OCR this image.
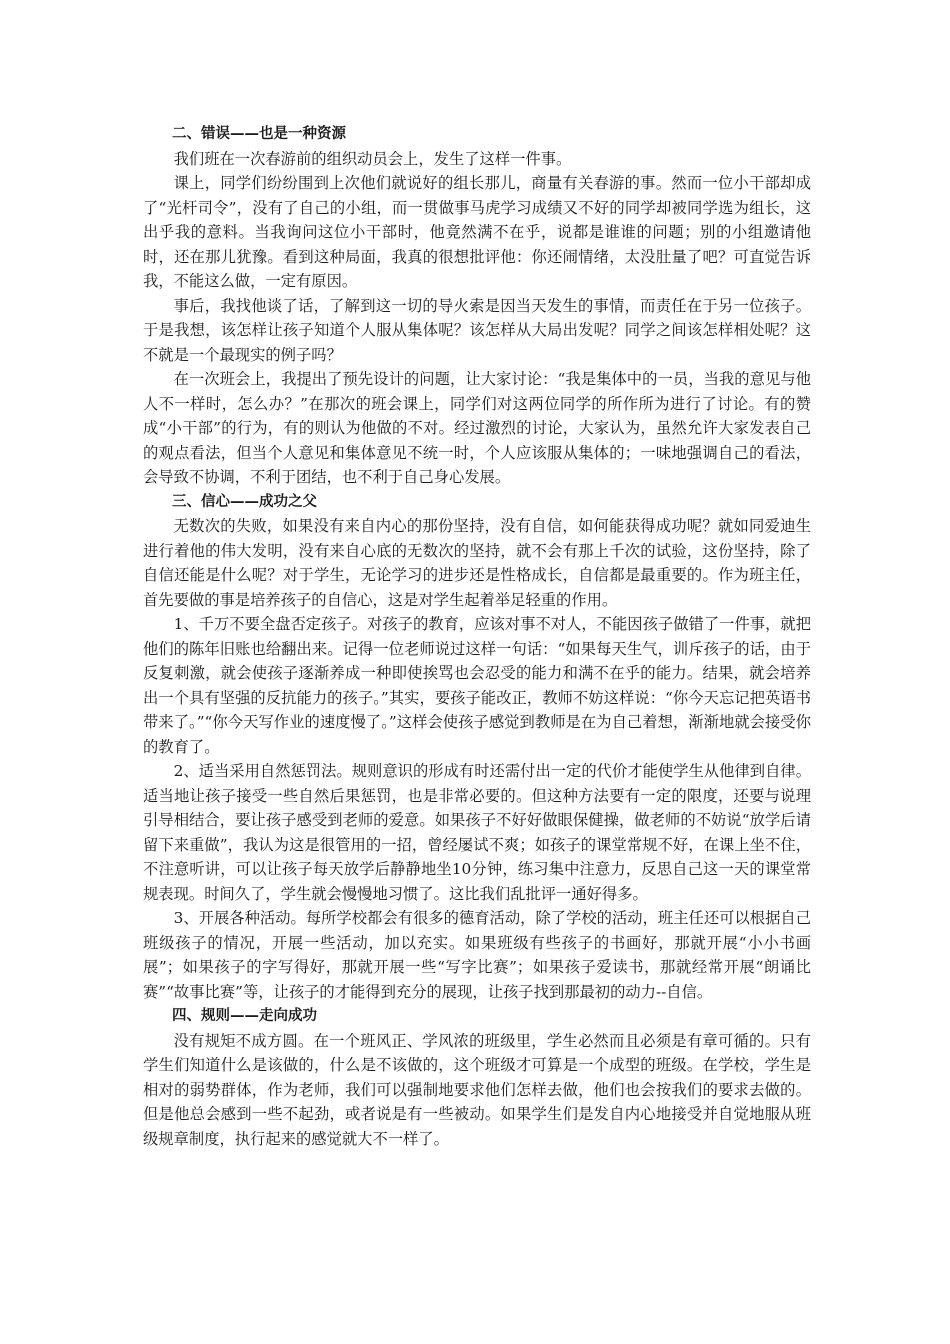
二、错误——也是一种资源

我们班在一次春游前的组织动员会上，发生了这样一件事。

课上，同学们纷纷围到上次他们就说好的组长那儿，商量有关春游的事。然而一位小干部却成了“光杆司令”，没有了自己的小组，而一贯做事马虎学习成绩又不好的同学却被同学选为组长，这出乎我的意料。当我询问这位小干部时，他竟然满不在乎，说都是谁谁的问题；别的小组邀请他时，还在那儿犹豫。看到这种局面，我真的很想批评他：你还闹情绪，太没肚量了吧？可直觉告诉我，不能这么做，一定有原因。

事后，我找他谈了话，了解到这一切的导火索是因当天发生的事情，而责任在于另一位孩子。于是我想，该怎样让孩子知道个人服从集体呢？该怎样从大局出发呢？同学之间该怎样相处呢？这不就是一个最现实的例子吗？

在一次班会上，我提出了预先设计的问题，让大家讨论：“我是集体中的一员，当我的意见与他人不一样时，怎么办？”在那次的班会课上，同学们对这两位同学的所作所为进行了讨论。有的赞成“小干部”的行为，有的则认为他做的不对。经过激烈的讨论，大家认为，虽然允许大家发表自己的观点看法，但当个人意见和集体意见不统一时，个人应该服从集体的；一味地强调自己的看法，会导致不协调，不利于团结，也不利于自己身心发展。

三、信心——成功之父

无数次的失败，如果没有来自内心的那份坚持，没有自信，如何能获得成功呢？就如同爱迪生进行着他的伟大发明，没有来自心底的无数次的坚持，就不会有那上千次的试验，这份坚持，除了自信还能是什么呢？对于学生，无论学习的进步还是性格成长，自信都是最重要的。作为班主任，首先要做的事是培养孩子的自信心，这是对学生起着举足轻重的作用。

1、千万不要全盘否定孩子。对孩子的教育，应该对事不对人，不能因孩子做错了一件事，就把他们的陈年旧账也给翻出来。记得一位老师说过这样一句话：“如果每天生气，训斥孩子的话，由于反复刺激，就会使孩子逐渐养成一种即使挨骂也会忍受的能力和满不在乎的能力。结果，就会培养出一个具有坚强的反抗能力的孩子。”其实，要孩子能改正，教师不妨这样说：“你今天忘记把英语书带来了。”“你今天写作业的速度慢了。”这样会使孩子感觉到教师是在为自己着想，渐渐地就会接受你的教育了。

2、适当采用自然惩罚法。规则意识的形成有时还需付出一定的代价才能使学生从他律到自律。适当地让孩子接受一些自然后果惩罚，也是非常必要的。但这种方法要有一定的限度，还要与说理引导相结合，要让孩子感受到老师的爱意。如果孩子不好好做眼保健操，做老师的不妨说“放学后请留下来重做”，我认为这是很管用的一招，曾经屡试不爽；如孩子的课堂常规不好，在课上坐不住，不注意听讲，可以让孩子每天放学后静静地坐10分钟，练习集中注意力，反思自己这一天的课堂常规表现。时间久了，学生就会慢慢地习惯了。这比我们乱批评一通好得多。

3、开展各种活动。每所学校都会有很多的德育活动，除了学校的活动，班主任还可以根据自己班级孩子的情况，开展一些活动，加以充实。如果班级有些孩子的书画好，那就开展“小小书画展”；如果孩子的字写得好，那就开展一些“写字比赛”；如果孩子爱读书，那就经常开展“朗诵比赛”“故事比赛”等，让孩子的才能得到充分的展现，让孩子找到那最初的动力--自信。

四、规则——走向成功

没有规矩不成方圆。在一个班风正、学风浓的班级里，学生必然而且必须是有章可循的。只有学生们知道什么是该做的，什么是不该做的，这个班级才可算是一个成型的班级。在学校，学生是相对的弱势群体，作为老师，我们可以强制地要求他们怎样去做，他们也会按我们的要求去做的。但是他总会感到一些不起劲，或者说是有一些被动。如果学生们是发自内心地接受并自觉地服从班级规章制度，执行起来的感觉就大不一样了。
